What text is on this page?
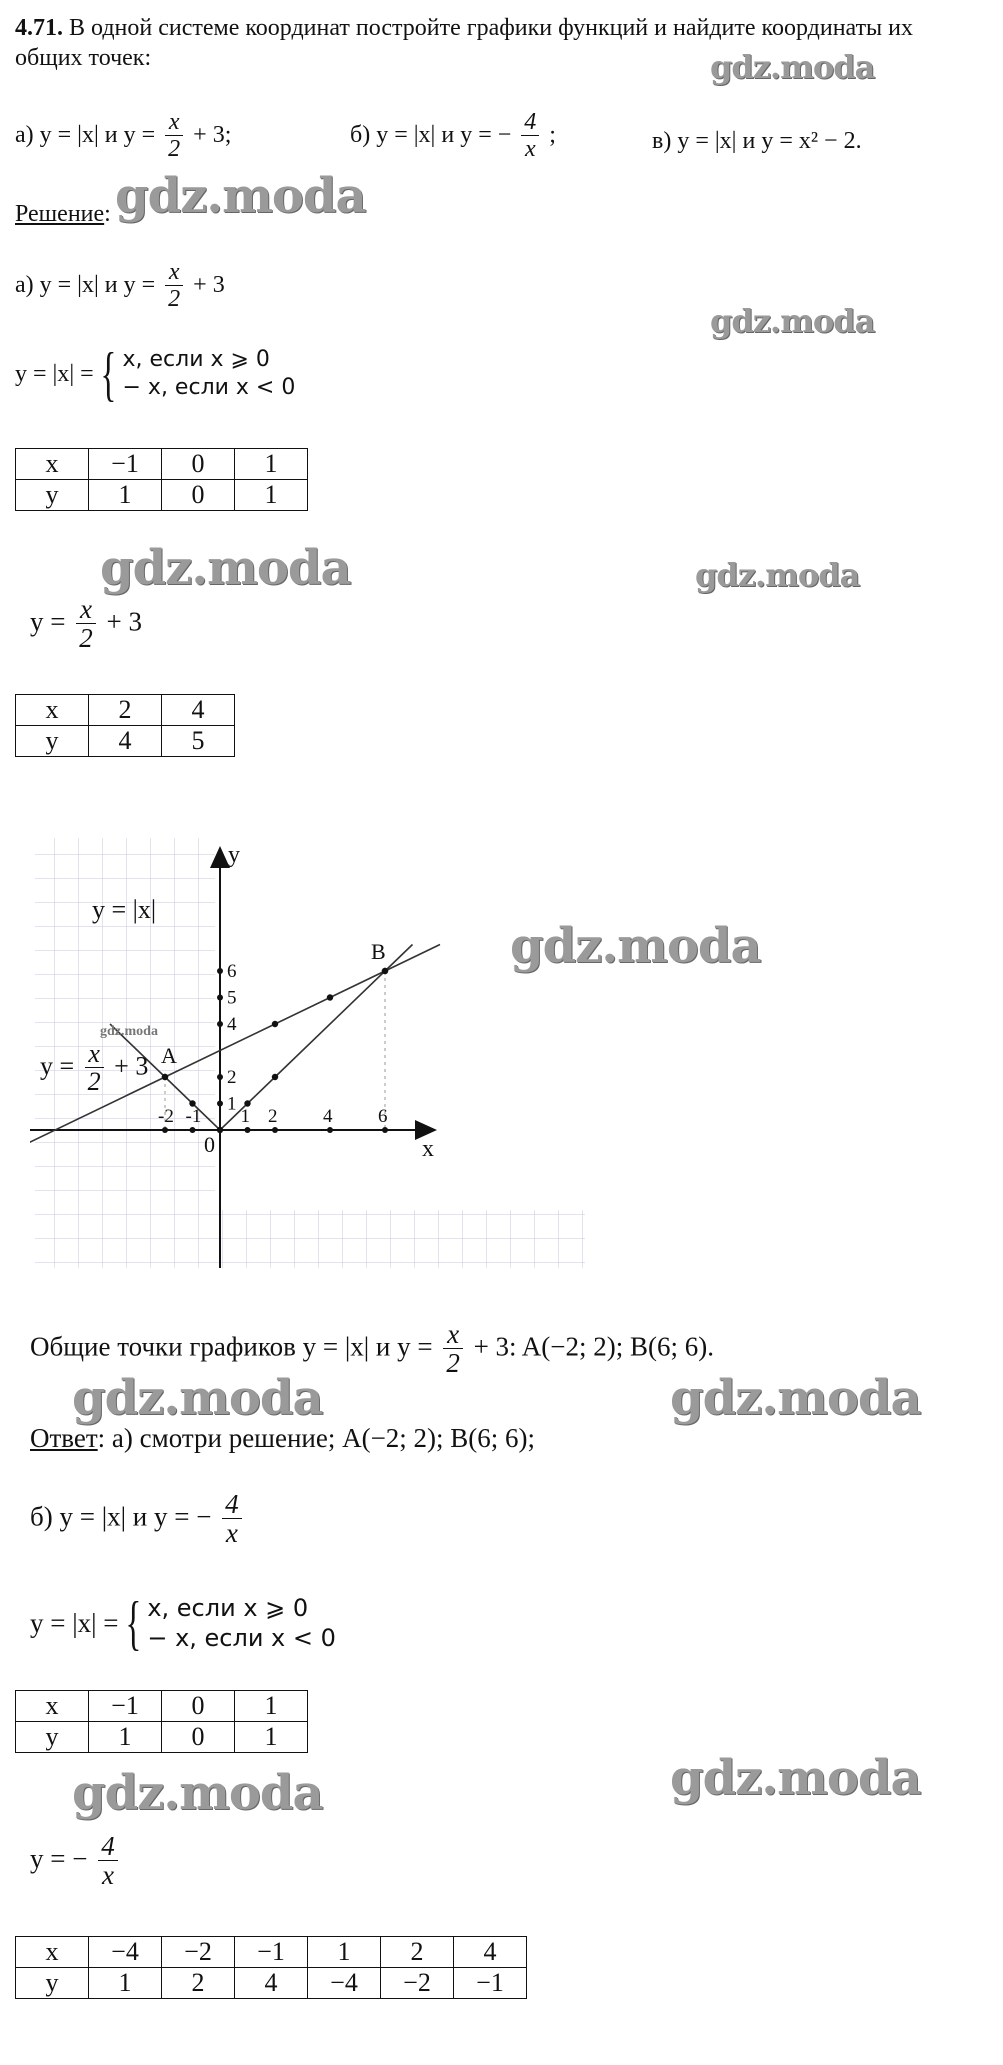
4.71. В одной системе координат постройте графики функций и найдите координаты их
общих точек:
а) y = |x| и $y = \frac{x}{2} + 3$;	б) y = |x| и y = − $\frac{4}{x}$ ;	в) y = |x| и y = x² − 2.
Решение:
а) y = |x| и $y = \frac{x}{2} + 3$
y = |x| = { x, если x ⩾ 0
− x, если x < 0
x	−1	0	1
y	1	0	1
$y = \frac{x}{2} + 3$
x	2	4
y	4	5
-2 -1 1 2 4 6
1
2
4
5
6
0	x
y
A
B
y = |x|
$y = \frac{x}{2} + 3$
gdz.moda
Общие точки графиков y = |x| и $y = \frac{x}{2} + 3$: A(−2; 2); B(6; 6).
Ответ: а) смотри решение; A(−2; 2); B(6; 6);
б) y = |x| и y = − $\frac{4}{x}$
y = |x| = { x, если x ⩾ 0
− x, если x < 0
x	−1	0	1
y	1	0	1
y = − $\frac{4}{x}$
x	−4	−2	−1	1	2	4
y	1	2	4	−4	−2	−1
gdz.moda
gdz.moda
gdz.moda
gdz.moda	gdz.moda
gdz.moda
gdz.moda	gdz.moda
gdz.moda
gdz.moda
